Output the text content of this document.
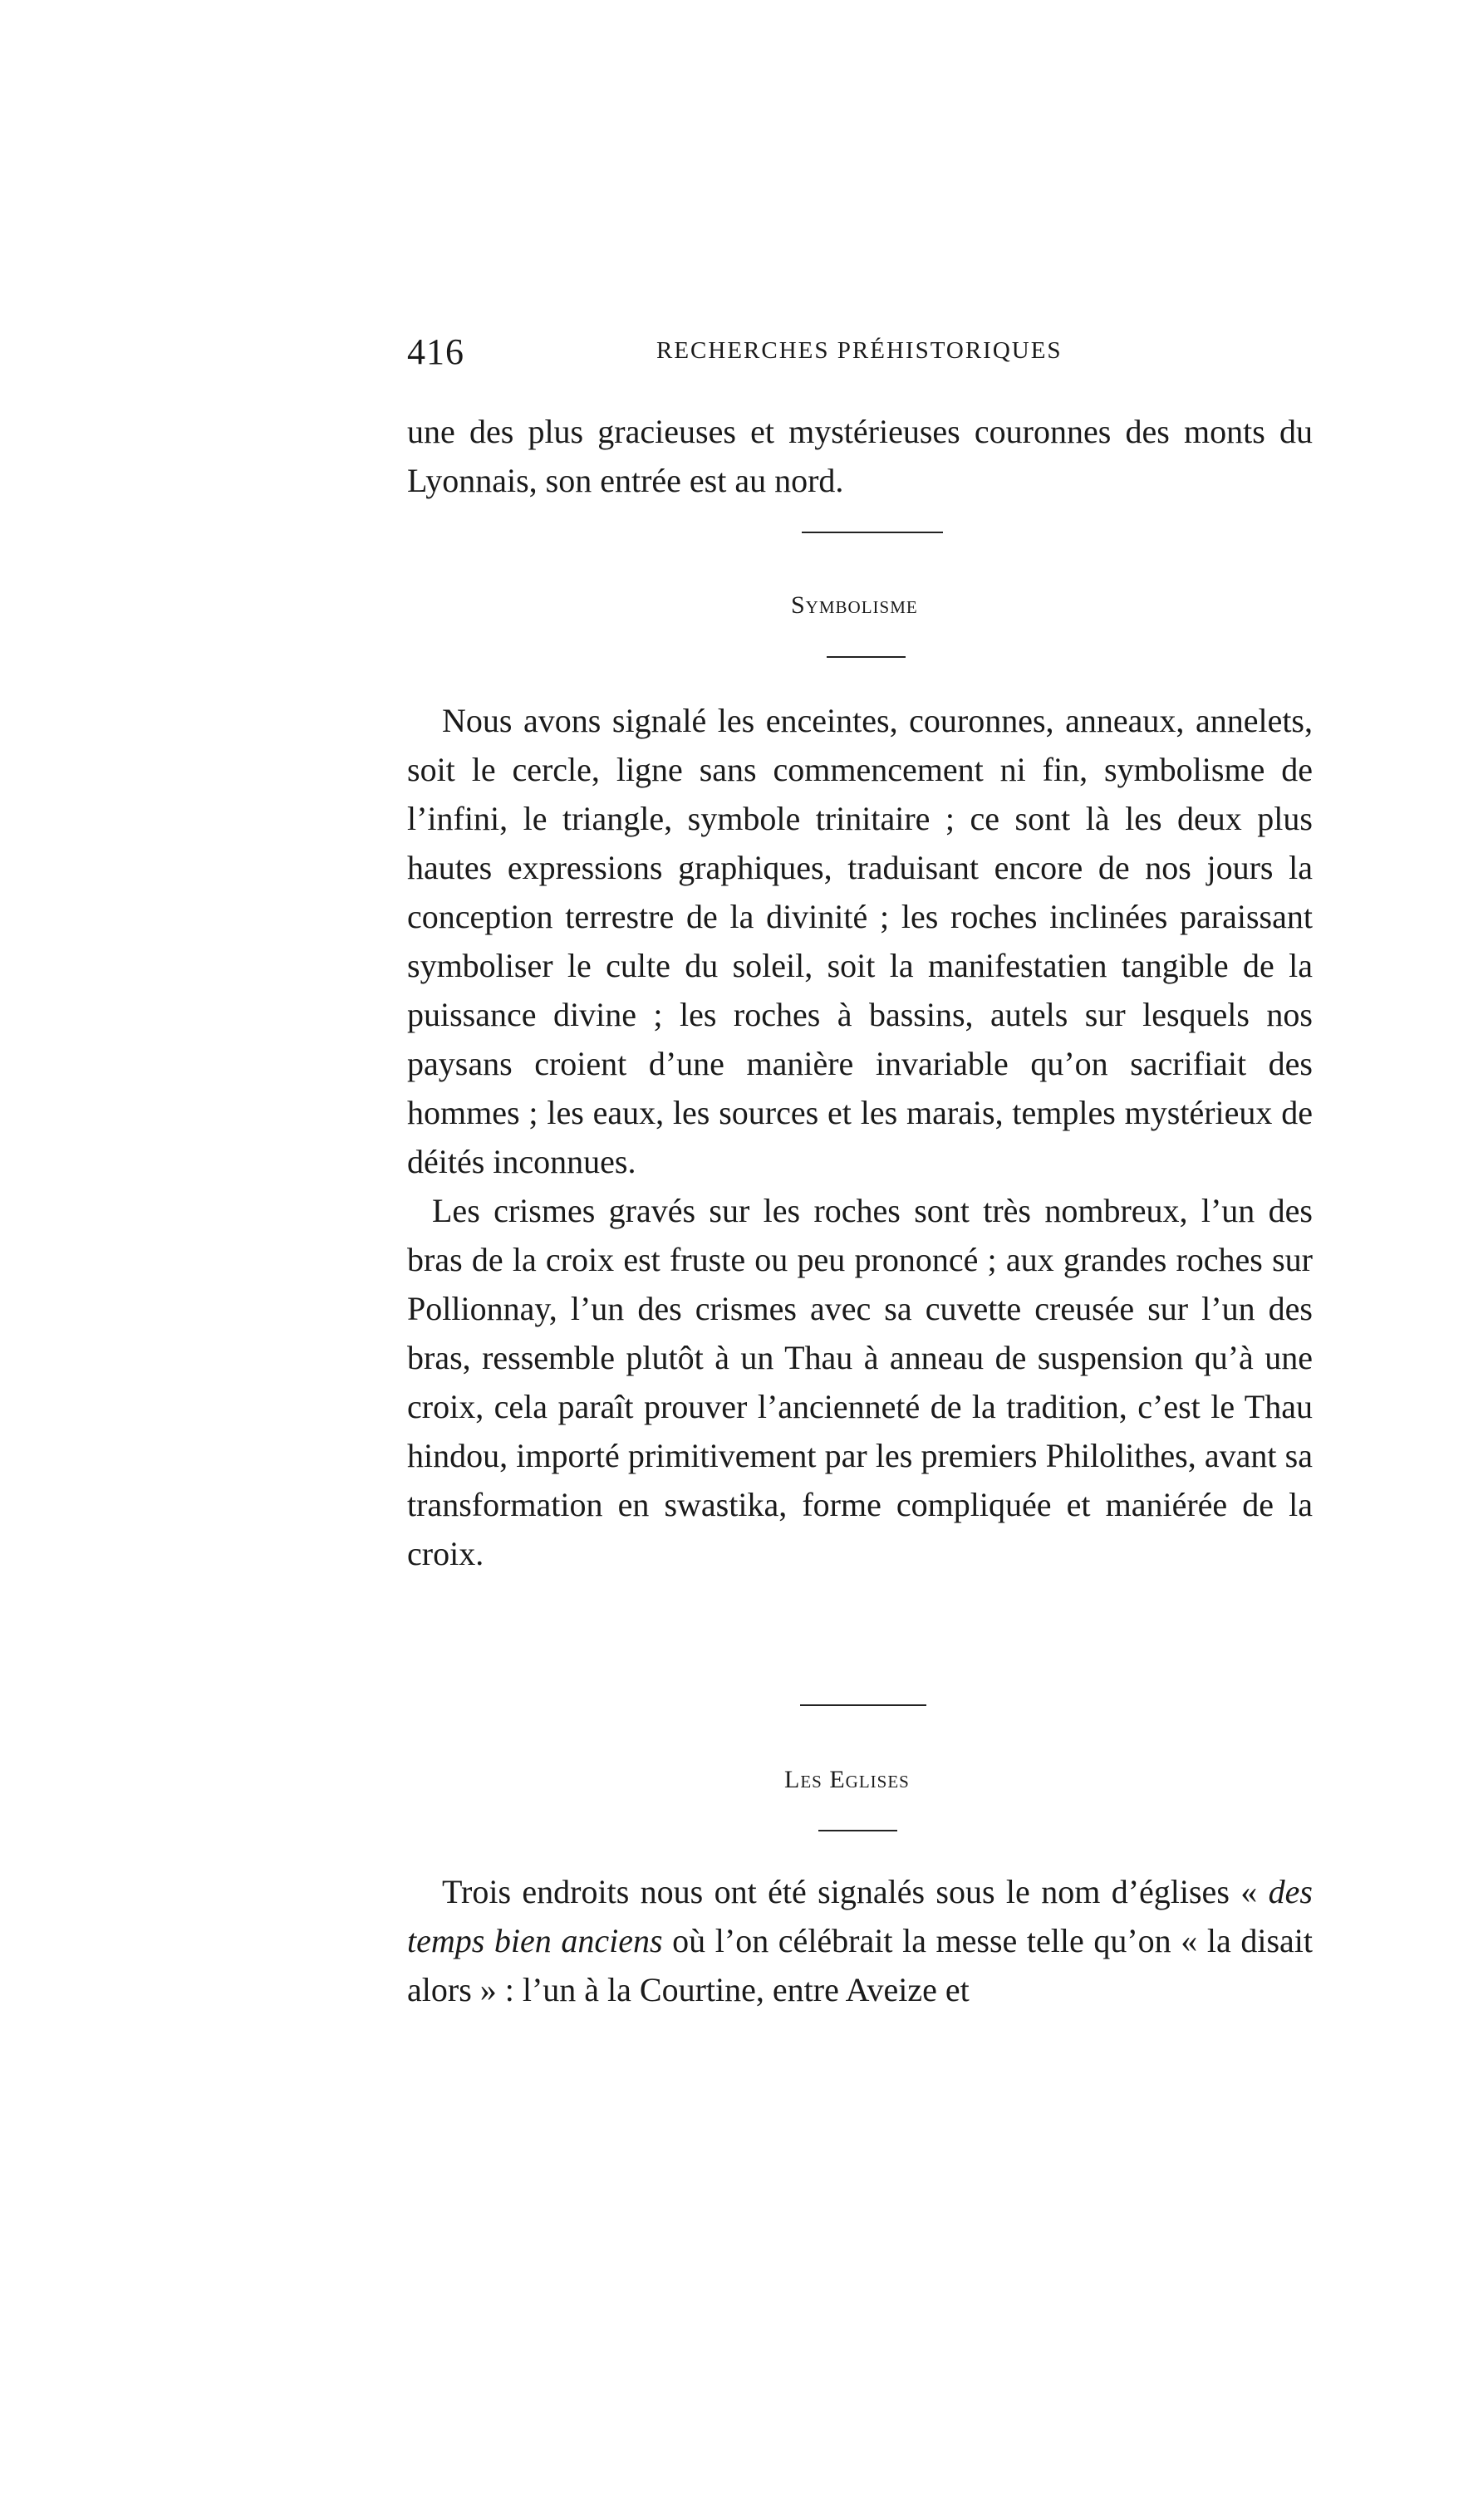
416	RECHERCHES PRÉHISTORIQUES

une des plus gracieuses et mystérieuses couronnes des monts du Lyonnais, son entrée est au nord.

Symbolisme

Nous avons signalé les enceintes, couronnes, anneaux, annelets, soit le cercle, ligne sans commencement ni fin, symbolisme de l’infini, le triangle, symbole trinitaire ; ce sont là les deux plus hautes expressions graphiques, traduisant encore de nos jours la conception terrestre de la divinité ; les roches inclinées paraissant symboliser le culte du soleil, soit la manifestatien tangible de la puissance divine ; les roches à bassins, autels sur lesquels nos paysans croient d’une manière invariable qu’on sacrifiait des hommes ; les eaux, les sources et les marais, temples mystérieux de déités inconnues.

Les crismes gravés sur les roches sont très nombreux, l’un des bras de la croix est fruste ou peu prononcé ; aux grandes roches sur Pollionnay, l’un des crismes avec sa cuvette creusée sur l’un des bras, ressemble plutôt à un Thau à anneau de suspension qu’à une croix, cela paraît prouver l’ancienneté de la tradition, c’est le Thau hindou, importé primitivement par les premiers Philolithes, avant sa transformation en swastika, forme compliquée et maniérée de la croix.

Les Eglises

Trois endroits nous ont été signalés sous le nom d’églises « des temps bien anciens où l’on célébrait la messe telle qu’on « la disait alors » : l’un à la Courtine, entre Aveize et
